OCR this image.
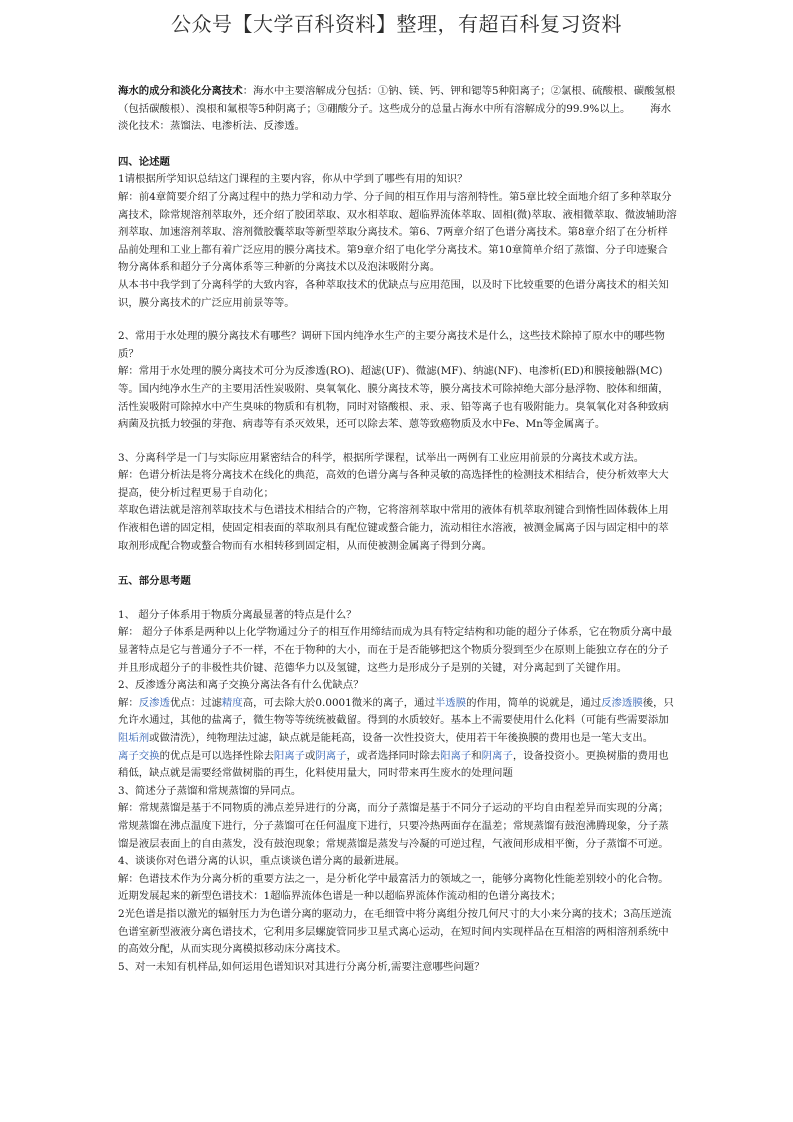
公众号【大学百科资料】整理，有超百科复习资料

海水的成分和淡化分离技术：海水中主要溶解成分包括：①钠、镁、钙、钾和锶等5种阳离子；②氯根、硫酸根、碳酸氢根（包括碳酸根）、溴根和氟根等5种阴离子；③硼酸分子。这些成分的总量占海水中所有溶解成分的99.9%以上。 海水淡化技术：蒸馏法、电渗析法、反渗透。

四、论述题

1请根据所学知识总结这门课程的主要内容，你从中学到了哪些有用的知识？

解：前4章简要介绍了分离过程中的热力学和动力学、分子间的相互作用与溶剂特性。第5章比较全面地介绍了多种萃取分离技术，除常规溶剂萃取外，还介绍了胶团萃取、双水相萃取、超临界流体萃取、固相(微)萃取、液相微萃取、微波辅助溶剂萃取、加速溶剂萃取、溶剂微胶囊萃取等新型萃取分离技术。第6、7两章介绍了色谱分离技术。第8章介绍了在分析样品前处理和工业上都有着广泛应用的膜分离技术。第9章介绍了电化学分离技术。第10章简单介绍了蒸馏、分子印迹聚合物分离体系和超分子分离体系等三种新的分离技术以及泡沫吸附分离。

从本书中我学到了分离科学的大致内容，各种萃取技术的优缺点与应用范围，以及时下比较重要的色谱分离技术的相关知识，膜分离技术的广泛应用前景等等。

2、常用于水处理的膜分离技术有哪些？调研下国内纯净水生产的主要分离技术是什么，这些技术除掉了原水中的哪些物质？

解：常用于水处理的膜分离技术可分为反渗透(RO)、超滤(UF)、微滤(MF)、纳滤(NF)、电渗析(ED)和膜接触器(MC)等。国内纯净水生产的主要用活性炭吸附、臭氧氧化、膜分离技术等，膜分离技术可除掉绝大部分悬浮物、胶体和细菌，活性炭吸附可除掉水中产生臭味的物质和有机物，同时对铬酸根、汞、汞、铅等离子也有吸附能力。臭氧氧化对各种致病病菌及抗抵力较强的芽孢、病毒等有杀灭效果，还可以除去苯、蒽等致癌物质及水中Fe、Mn等金属离子。

3、分离科学是一门与实际应用紧密结合的科学，根据所学课程，试举出一两例有工业应用前景的分离技术或方法。

解：色谱分析法是将分离技术在线化的典范，高效的色谱分离与各种灵敏的高选择性的检测技术相结合，使分析效率大大提高，使分析过程更易于自动化；

萃取色谱法就是溶剂萃取技术与色谱技术相结合的产物，它将溶剂萃取中常用的液体有机萃取剂键合到惰性固体载体上用作液相色谱的固定相，使固定相表面的萃取剂具有配位键或螯合能力，流动相往水溶液，被测金属离子因与固定相中的萃取剂形成配合物或螯合物而有水相转移到固定相，从而使被测金属离子得到分离。

五、部分思考题

1、 超分子体系用于物质分离最显著的特点是什么？

解： 超分子体系是两种以上化学物通过分子的相互作用缔结而成为具有特定结构和功能的超分子体系，它在物质分离中最显著特点是它与普通分子不一样，不在于物种的大小，而在于是否能够把这个物质分裂到至少在原则上能独立存在的分子并且形成超分子的非极性共价键、范德华力以及氢键，这些力是形成分子是别的关键，对分离起到了关键作用。

2、反渗透分离法和离子交换分离法各有什么优缺点？

解：反渗透优点：过滤精度高，可去除大於0.0001微米的离子，通过半透膜的作用，简单的说就是，通过反渗透膜後，只允许水通过，其他的盐离子，微生物等等统统被截留。得到的水质较好。基本上不需要使用什么化料（可能有些需要添加阻垢剂或做清洗），纯物理法过滤，缺点就是能耗高，设备一次性投资大，使用若干年後换膜的费用也是一笔大支出。

离子交换的优点是可以选择性除去阳离子或阴离子，或者选择同时除去阳离子和阴离子，设备投资小。更换树脂的费用也稍低，缺点就是需要经常做树脂的再生，化料使用量大，同时带来再生废水的处理问题

3、简述分子蒸馏和常规蒸馏的异同点。

解：常规蒸馏是基于不同物质的沸点差异进行的分离，而分子蒸馏是基于不同分子运动的平均自由程差异而实现的分离；常规蒸馏在沸点温度下进行，分子蒸馏可在任何温度下进行，只要冷热两面存在温差；常规蒸馏有鼓泡沸腾现象，分子蒸馏是液层表面上的自由蒸发，没有鼓泡现象；常规蒸馏是蒸发与冷凝的可逆过程，气液间形成相平衡，分子蒸馏不可逆。

4、谈谈你对色谱分离的认识，重点谈谈色谱分离的最新进展。

解：色谱技术作为分离分析的重要方法之一，是分析化学中最富活力的领域之一，能够分离物化性能差别较小的化合物。

近期发展起来的新型色谱技术：1超临界流体色谱是一种以超临界流体作流动相的色谱分离技术；

2光色谱是指以激光的辐射压力为色谱分离的驱动力，在毛细管中将分离组分按几何尺寸的大小来分离的技术；3高压逆流色谱室新型液液分离色谱技术，它利用多层螺旋管同步卫星式离心运动，在短时间内实现样品在互相溶的两相溶剂系统中的高效分配，从而实现分离模拟移动床分离技术。

5、对一未知有机样品,如何运用色谱知识对其进行分离分析,需要注意哪些问题？
